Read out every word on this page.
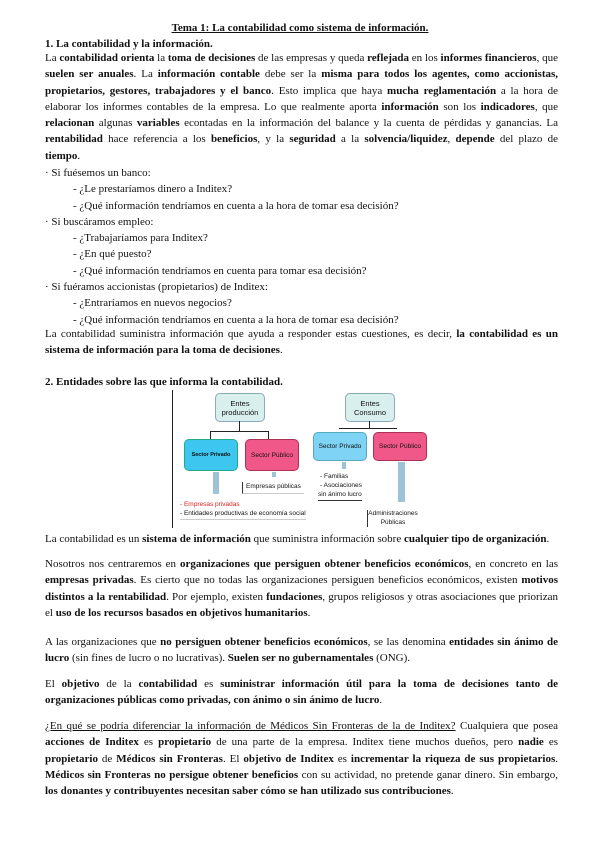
Tema 1: La contabilidad como sistema de información.
1. La contabilidad y la información.
La contabilidad orienta la toma de decisiones de las empresas y queda reflejada en los informes financieros, que suelen ser anuales. La información contable debe ser la misma para todos los agentes, como accionistas, propietarios, gestores, trabajadores y el banco. Esto implica que haya mucha reglamentación a la hora de elaborar los informes contables de la empresa. Lo que realmente aporta información son los indicadores, que relacionan algunas variables econtadas en la información del balance y la cuenta de pérdidas y ganancias. La rentabilidad hace referencia a los beneficios, y la seguridad a la solvencia/liquidez, depende del plazo de tiempo.
La contabilidad suministra información que ayuda a responder estas cuestiones, es decir, la contabilidad es un sistema de información para la toma de decisiones.
2. Entidades sobre las que informa la contabilidad.
La contabilidad es un sistema de información que suministra información sobre cualquier tipo de organización.
Nosotros nos centraremos en organizaciones que persiguen obtener beneficios económicos, en concreto en las empresas privadas. Es cierto que no todas las organizaciones persiguen beneficios económicos, existen motivos distintos a la rentabilidad. Por ejemplo, existen fundaciones, grupos religiosos y otras asociaciones que priorizan el uso de los recursos basados en objetivos humanitarios.
A las organizaciones que no persiguen obtener beneficios económicos, se las denomina entidades sin ánimo de lucro (sin fines de lucro o no lucrativas). Suelen ser no gubernamentales (ONG).
El objetivo de la contabilidad es suministrar información útil para la toma de decisiones tanto de organizaciones públicas como privadas, con ánimo o sin ánimo de lucro.
¿En qué se podría diferenciar la información de Médicos Sin Fronteras de la de Inditex? Cualquiera que posea acciones de Inditex es propietario de una parte de la empresa. Inditex tiene muchos dueños, pero nadie es propietario de Médicos sin Fronteras. El objetivo de Inditex es incrementar la riqueza de sus propietarios. Médicos sin Fronteras no persigue obtener beneficios con su actividad, no pretende ganar dinero. Sin embargo, los donantes y contribuyentes necesitan saber cómo se han utilizado sus contribuciones.
· Si fuésemos un banco:
- ¿Le prestaríamos dinero a Inditex?
- ¿Qué información tendríamos en cuenta a la hora de tomar esa decisión?
· Si buscáramos empleo:
- ¿Trabajaríamos para Inditex?
- ¿En qué puesto?
- ¿Qué información tendríamos en cuenta para tomar esa decisión?
· Si fuéramos accionistas (propietarios) de Inditex:
- ¿Entraríamos en nuevos negocios?
- ¿Qué información tendríamos en cuenta a la hora de tomar esa decisión?
Entes producción
Entes Consumo
Sector Privado	Sector Público
Sector Privado	Sector Público
Empresas públicas
- Empresas privadas
- Entidades productivas de economía social
- Familias
- Asociaciones
sin ánimo lucro
Administraciones Públicas
